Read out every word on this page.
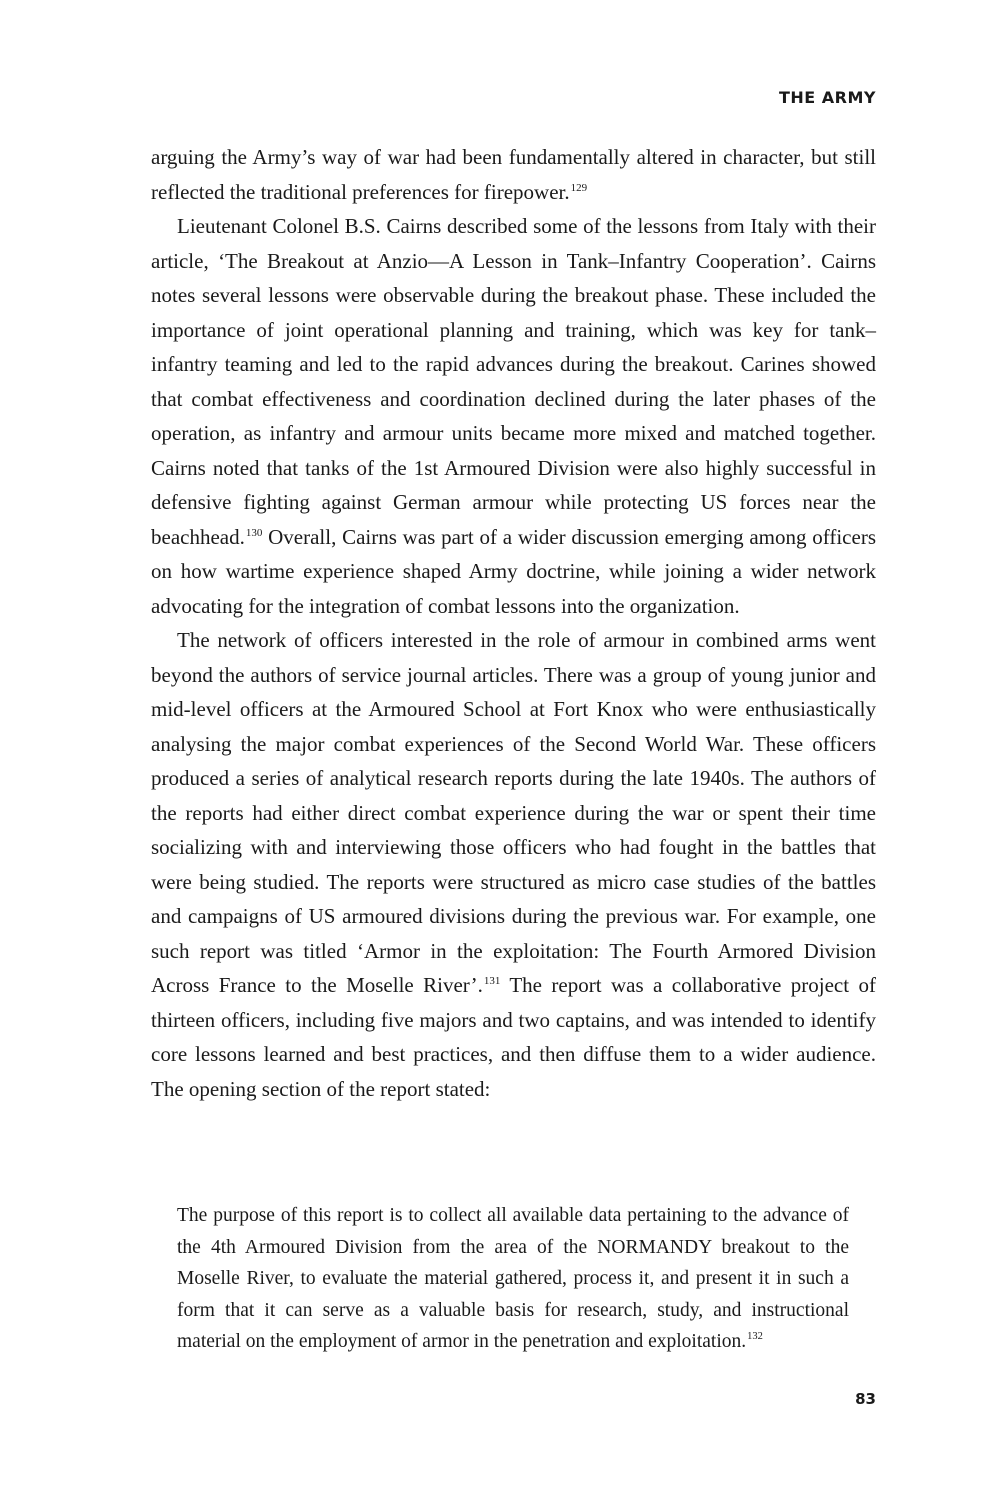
THE ARMY

arguing the Army’s way of war had been fundamentally altered in character, but still reflected the traditional preferences for firepower.$^{129}$

Lieutenant Colonel B.S. Cairns described some of the lessons from Italy with their article, ‘The Breakout at Anzio—A Lesson in Tank–Infantry Cooperation’. Cairns notes several lessons were observable during the breakout phase. These included the importance of joint operational planning and training, which was key for tank–infantry teaming and led to the rapid advances during the breakout. Carines showed that combat effectiveness and coordination declined during the later phases of the operation, as infantry and armour units became more mixed and matched together. Cairns noted that tanks of the 1st Armoured Division were also highly successful in defensive fighting against German armour while protecting US forces near the beachhead.$^{130}$ Overall, Cairns was part of a wider discussion emerging among officers on how wartime experience shaped Army doctrine, while joining a wider network advocating for the integration of combat lessons into the organization.

The network of officers interested in the role of armour in combined arms went beyond the authors of service journal articles. There was a group of young junior and mid-level officers at the Armoured School at Fort Knox who were enthusiastically analysing the major combat experiences of the Second World War. These officers produced a series of analytical research reports during the late 1940s. The authors of the reports had either direct combat experience during the war or spent their time socializing with and interviewing those officers who had fought in the battles that were being studied. The reports were structured as micro case studies of the battles and campaigns of US armoured divisions during the previous war. For example, one such report was titled ‘Armor in the exploitation: The Fourth Armored Division Across France to the Moselle River’.$^{131}$ The report was a collaborative project of thirteen officers, including five majors and two captains, and was intended to identify core lessons learned and best practices, and then diffuse them to a wider audience. The opening section of the report stated:

The purpose of this report is to collect all available data pertaining to the advance of the 4th Armoured Division from the area of the NORMANDY breakout to the Moselle River, to evaluate the material gathered, process it, and present it in such a form that it can serve as a valuable basis for research, study, and instructional material on the employment of armor in the penetration and exploitation.$^{132}$

83
